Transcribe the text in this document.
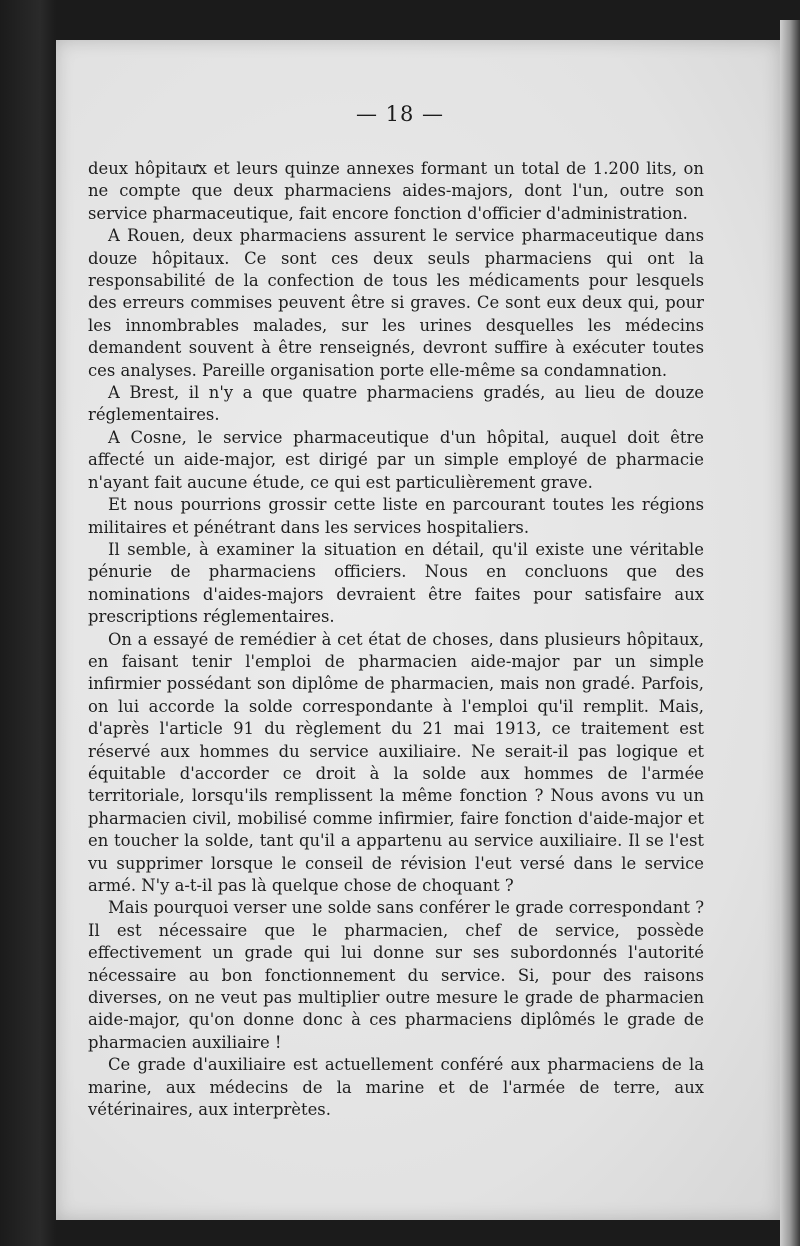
— 18 —

deux hôpitaux et leurs quinze annexes formant un total de 1.200 lits, on ne compte que deux pharmaciens aides-majors, dont l'un, outre son service pharmaceutique, fait encore fonction d'officier d'administration.

A Rouen, deux pharmaciens assurent le service pharmaceutique dans douze hôpitaux. Ce sont ces deux seuls pharmaciens qui ont la responsabilité de la confection de tous les médicaments pour lesquels des erreurs commises peuvent être si graves. Ce sont eux deux qui, pour les innombrables malades, sur les urines desquelles les médecins demandent souvent à être renseignés, devront suffire à exécuter toutes ces analyses. Pareille organisation porte elle-même sa condamnation.

A Brest, il n'y a que quatre pharmaciens gradés, au lieu de douze réglementaires.

A Cosne, le service pharmaceutique d'un hôpital, auquel doit être affecté un aide-major, est dirigé par un simple employé de pharmacie n'ayant fait aucune étude, ce qui est particulièrement grave.

Et nous pourrions grossir cette liste en parcourant toutes les régions militaires et pénétrant dans les services hospitaliers.

Il semble, à examiner la situation en détail, qu'il existe une véritable pénurie de pharmaciens officiers. Nous en concluons que des nominations d'aides-majors devraient être faites pour satisfaire aux prescriptions réglementaires.

On a essayé de remédier à cet état de choses, dans plusieurs hôpitaux, en faisant tenir l'emploi de pharmacien aide-major par un simple infirmier possédant son diplôme de pharmacien, mais non gradé. Parfois, on lui accorde la solde correspondante à l'emploi qu'il remplit. Mais, d'après l'article 91 du règlement du 21 mai 1913, ce traitement est réservé aux hommes du service auxiliaire. Ne serait-il pas logique et équitable d'accorder ce droit à la solde aux hommes de l'armée territoriale, lorsqu'ils remplissent la même fonction ? Nous avons vu un pharmacien civil, mobilisé comme infirmier, faire fonction d'aide-major et en toucher la solde, tant qu'il a appartenu au service auxiliaire. Il se l'est vu supprimer lorsque le conseil de révision l'eut versé dans le service armé. N'y a-t-il pas là quelque chose de choquant ?

Mais pourquoi verser une solde sans conférer le grade correspondant ? Il est nécessaire que le pharmacien, chef de service, possède effectivement un grade qui lui donne sur ses subordonnés l'autorité nécessaire au bon fonctionnement du service. Si, pour des raisons diverses, on ne veut pas multiplier outre mesure le grade de pharmacien aide-major, qu'on donne donc à ces pharmaciens diplômés le grade de pharmacien auxiliaire !

Ce grade d'auxiliaire est actuellement conféré aux pharmaciens de la marine, aux médecins de la marine et de l'armée de terre, aux vétérinaires, aux interprètes.
